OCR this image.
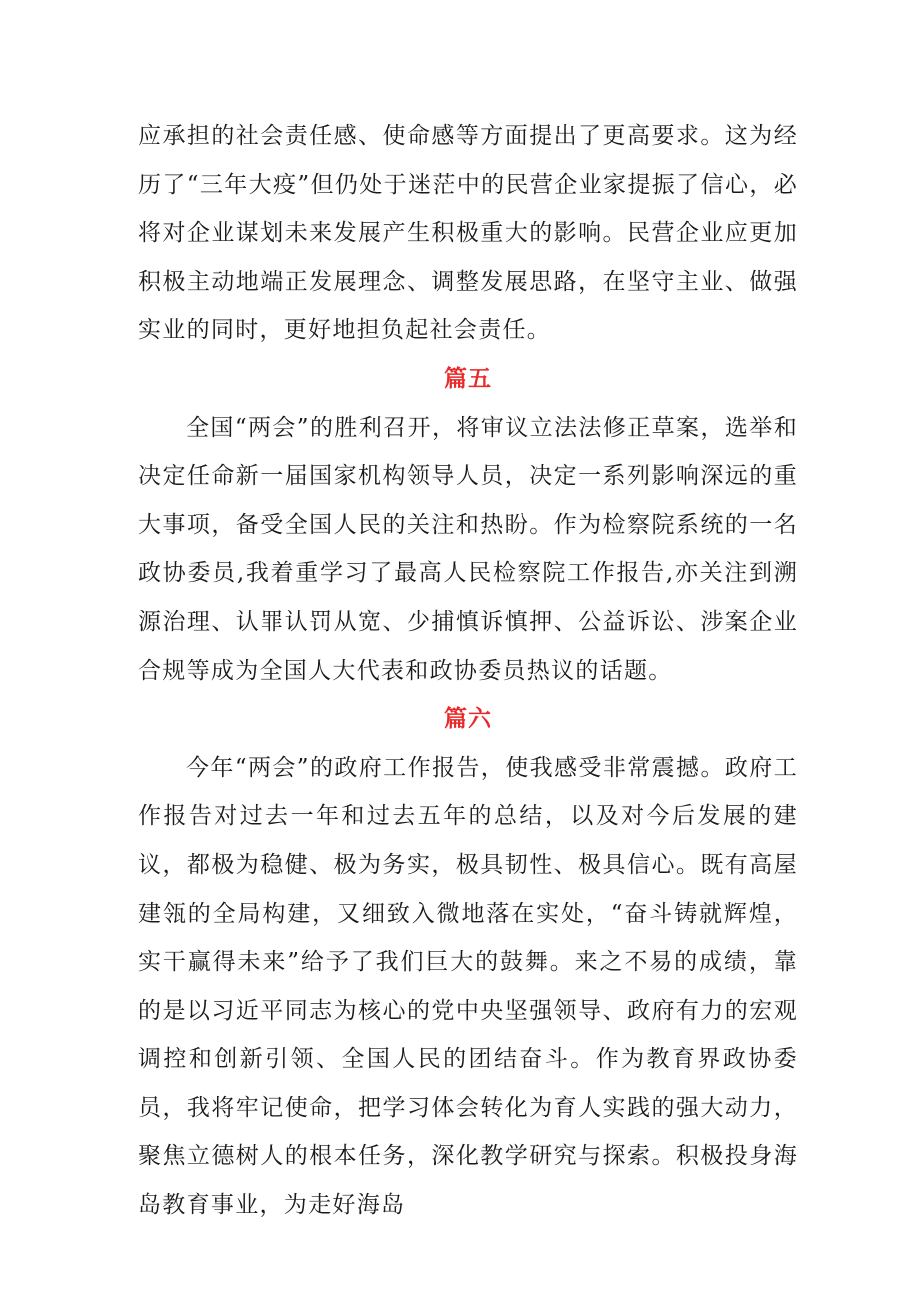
应承担的社会责任感、使命感等方面提出了更高要求。这为经历了“三年大疫”但仍处于迷茫中的民营企业家提振了信心，必将对企业谋划未来发展产生积极重大的影响。民营企业应更加积极主动地端正发展理念、调整发展思路，在坚守主业、做强实业的同时，更好地担负起社会责任。

篇五

全国“两会”的胜利召开，将审议立法法修正草案，选举和决定任命新一届国家机构领导人员，决定一系列影响深远的重大事项，备受全国人民的关注和热盼。作为检察院系统的一名政协委员,我着重学习了最高人民检察院工作报告,亦关注到溯源治理、认罪认罚从宽、少捕慎诉慎押、公益诉讼、涉案企业合规等成为全国人大代表和政协委员热议的话题。

篇六

今年“两会”的政府工作报告，使我感受非常震撼。政府工作报告对过去一年和过去五年的总结，以及对今后发展的建议，都极为稳健、极为务实，极具韧性、极具信心。既有高屋建瓴的全局构建，又细致入微地落在实处，“奋斗铸就辉煌，实干赢得未来”给予了我们巨大的鼓舞。来之不易的成绩，靠的是以习近平同志为核心的党中央坚强领导、政府有力的宏观调控和创新引领、全国人民的团结奋斗。作为教育界政协委员，我将牢记使命，把学习体会转化为育人实践的强大动力，聚焦立德树人的根本任务，深化教学研究与探索。积极投身海岛教育事业，为走好海岛
